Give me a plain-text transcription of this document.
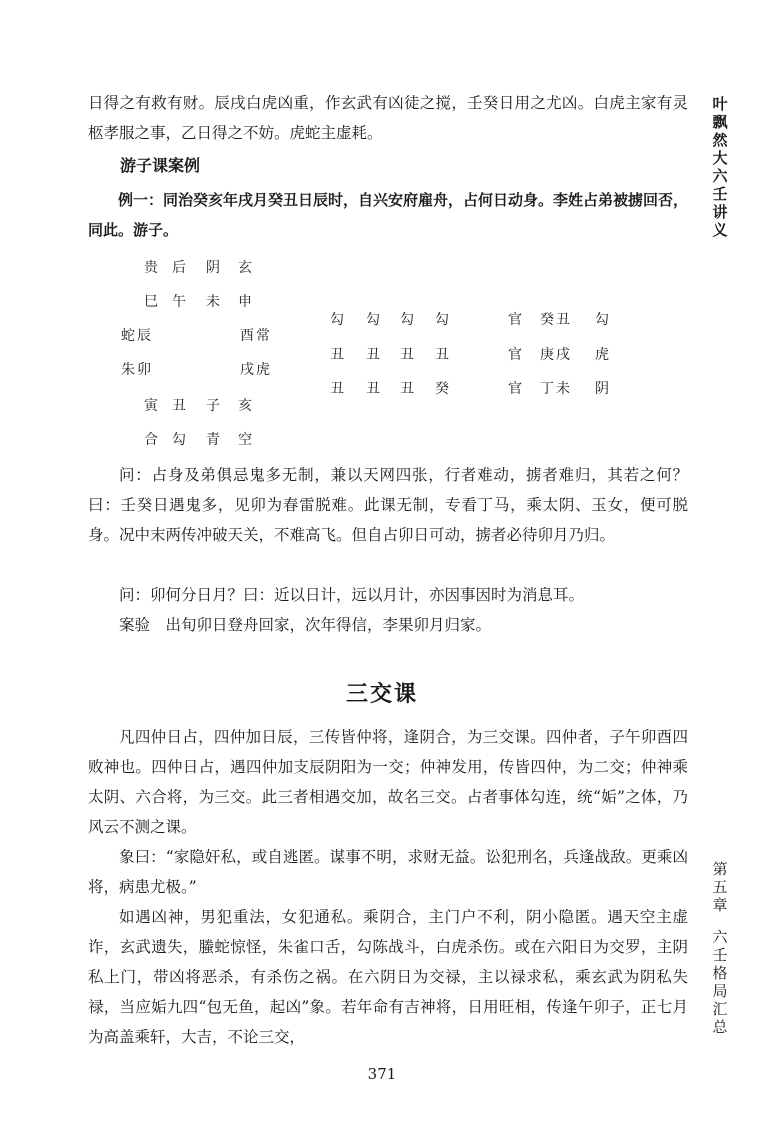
日得之有救有财。辰戌白虎凶重，作玄武有凶徒之搅，壬癸日用之尤凶。白虎主家有灵柩孝服之事，乙日得之不妨。虎蛇主虚耗。

游子课案例

例一：同治癸亥年戌月癸丑日辰时，自兴安府雇舟，占何日动身。李姓占弟被掳回否，同此。游子。

贵 后 阴 玄
巳 午 未 申
蛇辰	酉常
朱卯	戌虎
寅 丑 子 亥
合 勾 青 空
勾 勾 勾 勾
丑 丑 丑 丑
丑 丑 丑 癸
官 癸丑 勾
官 庚戌 虎
官 丁未 阴

问：占身及弟俱忌鬼多无制，兼以天网四张，行者难动，掳者难归，其若之何？曰：壬癸日遇鬼多，见卯为春雷脱难。此课无制，专看丁马，乘太阴、玉女，便可脱身。况中末两传冲破天关，不难高飞。但自占卯日可动，掳者必待卯月乃归。

问：卯何分日月？曰：近以日计，远以月计，亦因事因时为消息耳。

案验　出旬卯日登舟回家，次年得信，李果卯月归家。

三交课

凡四仲日占，四仲加日辰，三传皆仲将，逢阴合，为三交课。四仲者，子午卯酉四败神也。四仲日占，遇四仲加支辰阴阳为一交；仲神发用，传皆四仲，为二交；仲神乘太阴、六合将，为三交。此三者相遇交加，故名三交。占者事体勾连，统“姤”之体，乃风云不测之课。

象曰：“家隐奸私，或自逃匿。谋事不明，求财无益。讼犯刑名，兵逢战敌。更乘凶将，病患尤极。”

如遇凶神，男犯重法，女犯通私。乘阴合，主门户不利，阴小隐匿。遇天空主虚诈，玄武遗失，螣蛇惊怪，朱雀口舌，勾陈战斗，白虎杀伤。或在六阳日为交罗，主阴私上门，带凶将恶杀，有杀伤之祸。在六阴日为交禄，主以禄求私，乘玄武为阴私失禄，当应姤九四“包无鱼，起凶”象。若年命有吉神将，日用旺相，传逢午卯子，正七月为高盖乘轩，大吉，不论三交，

叶
飘
然
大
六
壬
讲
义
第
五
章
六
壬
格
局
汇
总
371
